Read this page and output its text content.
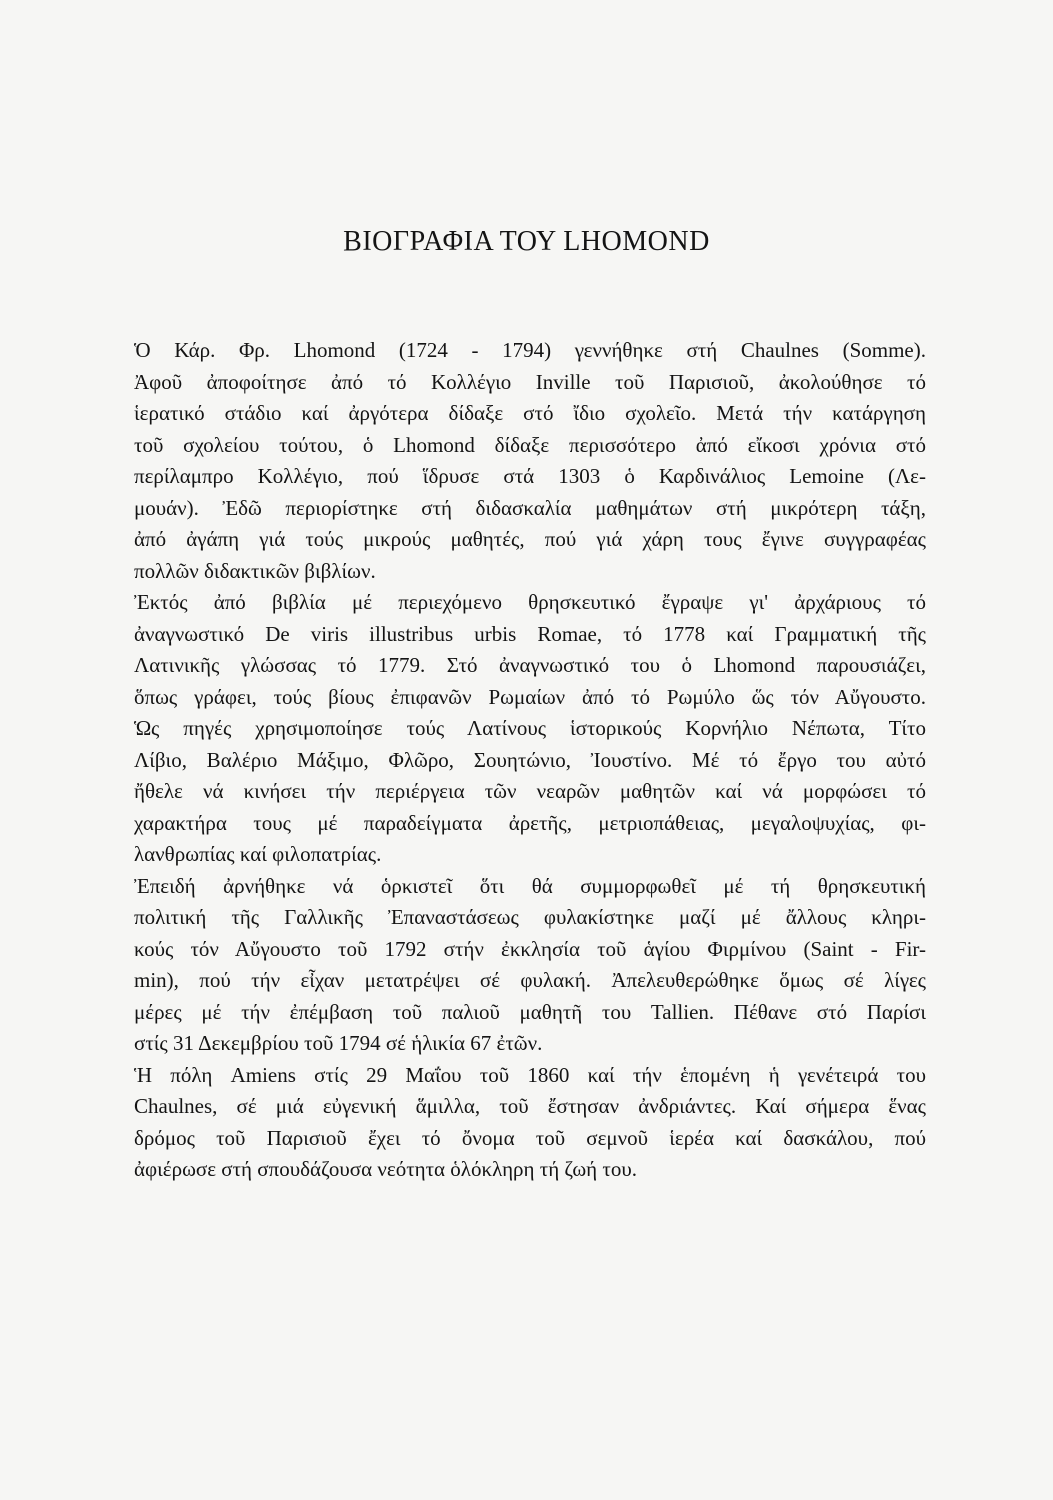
ΒΙΟΓΡΑΦΙΑ ΤΟΥ LHOMOND
Ὁ Κάρ. Φρ. Lhomond (1724 - 1794) γεννήθηκε στή Chaulnes (Somme).
Ἀφοῦ ἀποφοίτησε ἀπό τό Κολλέγιο Inville τοῦ Παρισιοῦ, ἀκολούθησε τό
ἱερατικό στάδιο καί ἀργότερα δίδαξε στό ἴδιο σχολεῖο. Μετά τήν κατάργηση
τοῦ σχολείου τούτου, ὁ Lhomond δίδαξε περισσότερο ἀπό εἴκοσι χρόνια στό
περίλαμπρο Κολλέγιο, πού ἵδρυσε στά 1303 ὁ Καρδινάλιος Lemoine (Λε-
μουάν). Ἐδῶ περιορίστηκε στή διδασκαλία μαθημάτων στή μικρότερη τάξη,
ἀπό ἀγάπη γιά τούς μικρούς μαθητές, πού γιά χάρη τους ἔγινε συγγραφέας
πολλῶν διδακτικῶν βιβλίων.
Ἐκτός ἀπό βιβλία μέ περιεχόμενο θρησκευτικό ἔγραψε γι' ἀρχάριους τό
ἀναγνωστικό De viris illustribus urbis Romae, τό 1778 καί Γραμματική τῆς
Λατινικῆς γλώσσας τό 1779. Στό ἀναγνωστικό του ὁ Lhomond παρουσιάζει,
ὅπως γράφει, τούς βίους ἐπιφανῶν Ρωμαίων ἀπό τό Ρωμύλο ὥς τόν Αὔγουστο.
Ὡς πηγές χρησιμοποίησε τούς Λατίνους ἱστορικούς Κορνήλιο Νέπωτα, Τίτο
Λίβιο, Βαλέριο Μάξιμο, Φλῶρο, Σουητώνιο, Ἰουστίνο. Μέ τό ἔργο του αὐτό
ἤθελε νά κινήσει τήν περιέργεια τῶν νεαρῶν μαθητῶν καί νά μορφώσει τό
χαρακτήρα τους μέ παραδείγματα ἀρετῆς, μετριοπάθειας, μεγαλοψυχίας, φι-
λανθρωπίας καί φιλοπατρίας.
Ἐπειδή ἀρνήθηκε νά ὁρκιστεῖ ὅτι θά συμμορφωθεῖ μέ τή θρησκευτική
πολιτική τῆς Γαλλικῆς Ἐπαναστάσεως φυλακίστηκε μαζί μέ ἄλλους κληρι-
κούς τόν Αὔγουστο τοῦ 1792 στήν ἐκκλησία τοῦ ἁγίου Φιρμίνου (Saint - Fir-
min), πού τήν εἶχαν μετατρέψει σέ φυλακή. Ἀπελευθερώθηκε ὅμως σέ λίγες
μέρες μέ τήν ἐπέμβαση τοῦ παλιοῦ μαθητῆ του Tallien. Πέθανε στό Παρίσι
στίς 31 Δεκεμβρίου τοῦ 1794 σέ ἡλικία 67 ἐτῶν.
Ἡ πόλη Amiens στίς 29 Μαΐου τοῦ 1860 καί τήν ἑπομένη ἡ γενέτειρά του
Chaulnes, σέ μιά εὐγενική ἅμιλλα, τοῦ ἔστησαν ἀνδριάντες. Καί σήμερα ἕνας
δρόμος τοῦ Παρισιοῦ ἔχει τό ὄνομα τοῦ σεμνοῦ ἱερέα καί δασκάλου, πού
ἀφιέρωσε στή σπουδάζουσα νεότητα ὁλόκληρη τή ζωή του.
